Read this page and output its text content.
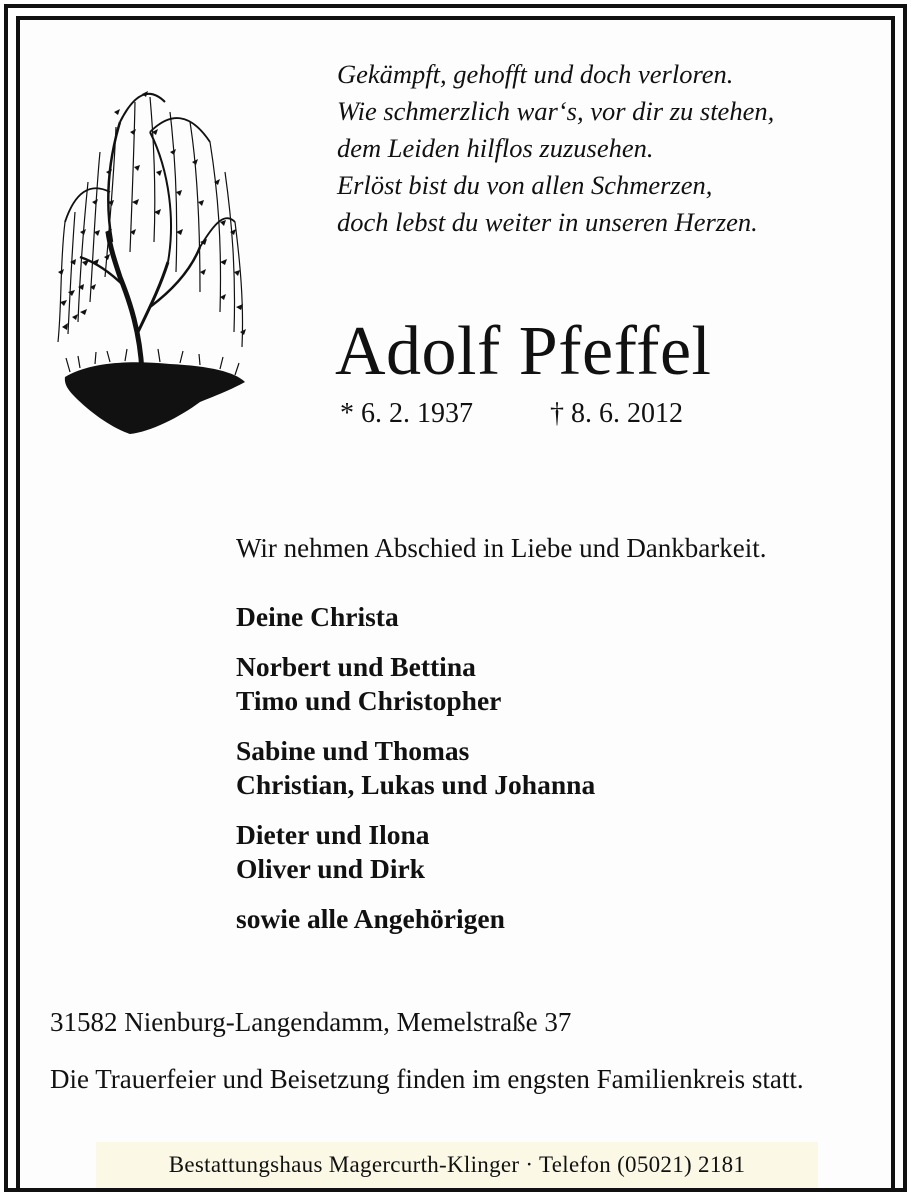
Gekämpft, gehofft und doch verloren.
Wie schmerzlich war‘s, vor dir zu stehen,
dem Leiden hilflos zuzusehen.
Erlöst bist du von allen Schmerzen,
doch lebst du weiter in unseren Herzen.
Adolf Pfeffel
* 6. 2. 1937	† 8. 6. 2012
Wir nehmen Abschied in Liebe und Dankbarkeit.
Deine Christa
Norbert und Bettina
Timo und Christopher
Sabine und Thomas
Christian, Lukas und Johanna
Dieter und Ilona
Oliver und Dirk
sowie alle Angehörigen
31582 Nienburg-Langendamm, Memelstraße 37
Die Trauerfeier und Beisetzung finden im engsten Familienkreis statt.
Bestattungshaus Magercurth-Klinger · Telefon (05021) 2181
